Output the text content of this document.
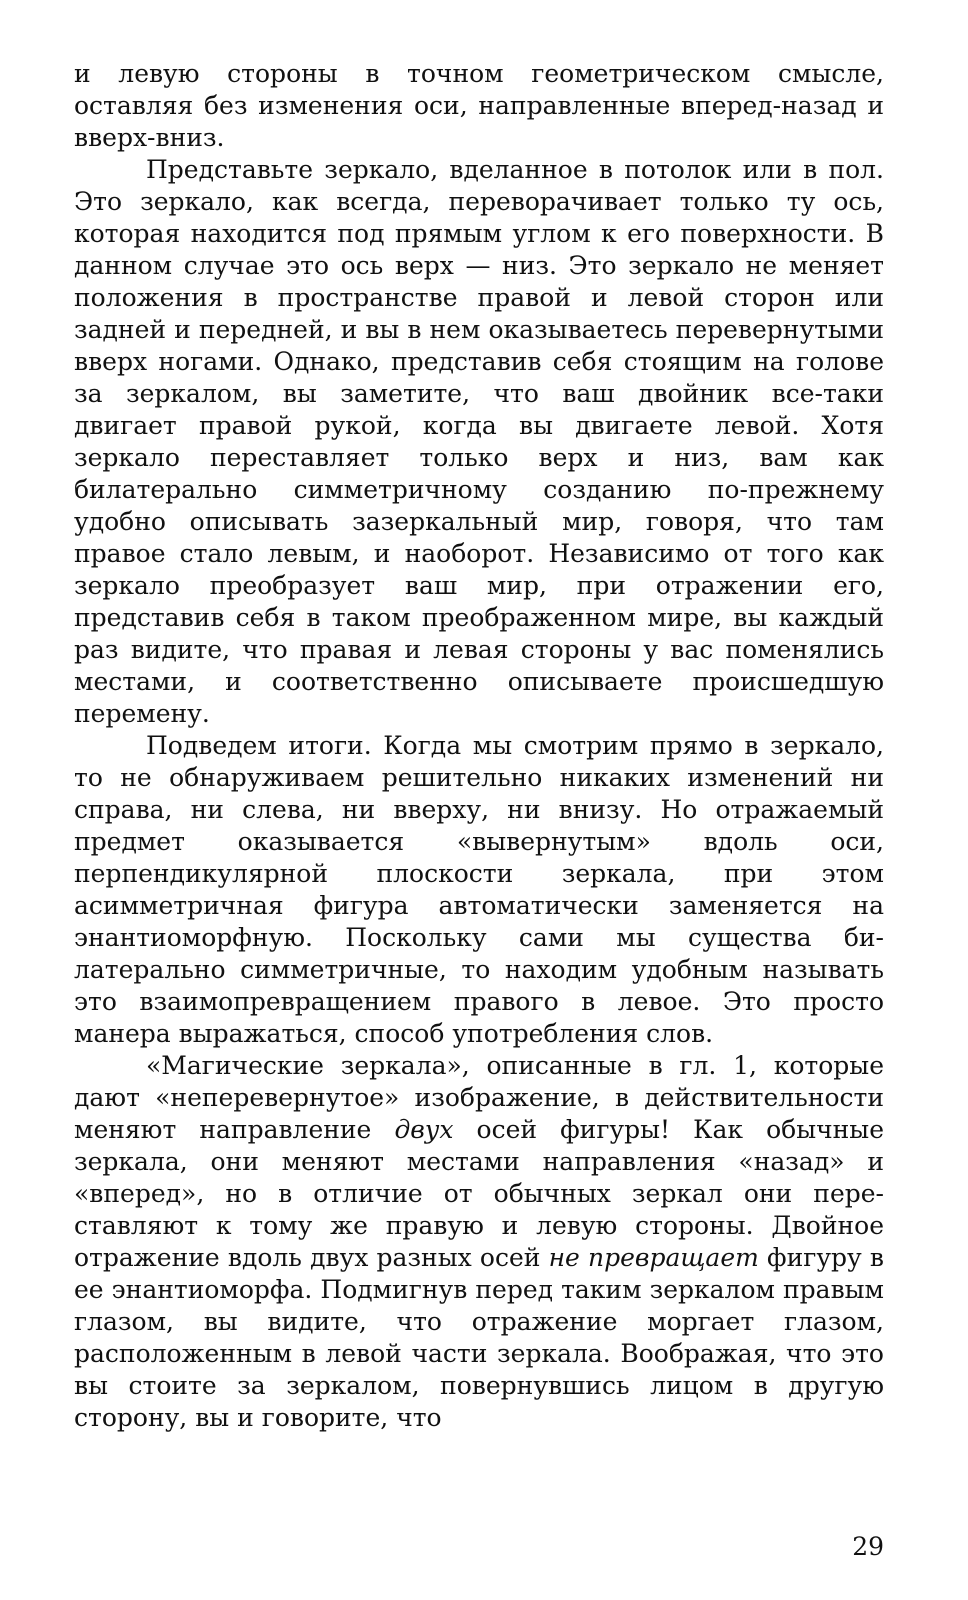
и левую стороны в точном геометрическом смысле, оставляя без изменения оси, направленные вперед-назад и вверх-вниз.

Представьте зеркало, вделанное в потолок или в пол. Это зеркало, как всегда, переворачивает только ту ось, которая находится под прямым углом к его поверхности. В данном случае это ось верх — низ. Это зеркало не меняет положения в пространстве правой и левой сторон или задней и передней, и вы в нем оказываетесь перевернутыми вверх ногами. Однако, представив себя стоящим на голове за зеркалом, вы заметите, что ваш двойник все-таки двигает правой рукой, когда вы двигаете левой. Хотя зеркало переставляет только верх и низ, вам как билатерально симметричному созданию по-прежнему удобно описывать зазеркальный мир, говоря, что там правое стало левым, и наоборот. Независимо от того как зеркало преобразует ваш мир, при отражении его, представив себя в таком преображенном мире, вы каждый раз видите, что правая и левая стороны у вас поменялись местами, и соответственно описываете происшедшую перемену.

Подведем итоги. Когда мы смотрим прямо в зеркало, то не обнаруживаем решительно никаких изменений ни справа, ни слева, ни вверху, ни внизу. Но отражаемый предмет оказывается «вывернутым» вдоль оси, перпендикулярной плоскости зеркала, при этом асимметричная фигура автоматически заменяется на энантиоморфную. Поскольку сами мы существа билатерально симметричные, то находим удобным называть это взаимопревращением правого в левое. Это просто манера выражаться, способ употребления слов.

«Магические зеркала», описанные в гл. 1, которые дают «неперевернутое» изображение, в действительности меняют направление двух осей фигуры! Как обычные зеркала, они меняют местами направления «назад» и «вперед», но в отличие от обычных зеркал они переставляют к тому же правую и левую стороны. Двойное отражение вдоль двух разных осей не превращает фигуру в ее энантиоморфа. Подмигнув перед таким зеркалом правым глазом, вы видите, что отражение моргает глазом, расположенным в левой части зеркала. Воображая, что это вы стоите за зеркалом, повернувшись лицом в другую сторону, вы и говорите, что

29
